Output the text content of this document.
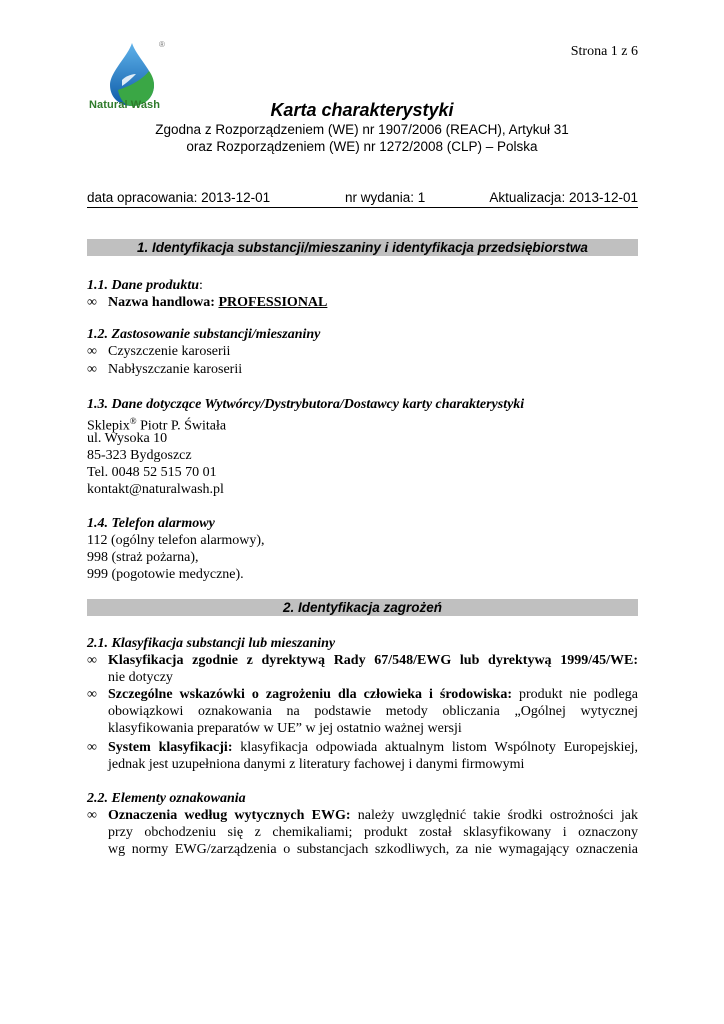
Strona 1 z 6
®
Natural Wash	Karta charakterystyki
Zgodna z Rozporządzeniem (WE) nr 1907/2006 (REACH), Artykuł 31
oraz Rozporządzeniem (WE) nr 1272/2008 (CLP) – Polska
data opracowania: 2013-12-01	nr wydania: 1	Aktualizacja: 2013-12-01
1. Identyfikacja substancji/mieszaniny i identyfikacja przedsiębiorstwa
1.1. Dane produktu:
∞ Nazwa handlowa: PROFESSIONAL
1.2. Zastosowanie substancji/mieszaniny
∞ Czyszczenie karoserii
∞ Nabłyszczanie karoserii
1.3. Dane dotyczące Wytwórcy/Dystrybutora/Dostawcy karty charakterystyki
Sklepix® Piotr P. Świtała
ul. Wysoka 10
85-323 Bydgoszcz
Tel. 0048 52 515 70 01
kontakt@naturalwash.pl
1.4. Telefon alarmowy
112 (ogólny telefon alarmowy),
998 (straż pożarna),
999 (pogotowie medyczne).
2. Identyfikacja zagrożeń
2.1. Klasyfikacja substancji lub mieszaniny
∞ Klasyfikacja zgodnie z dyrektywą Rady 67/548/EWG lub dyrektywą 1999/45/WE:
nie dotyczy
∞ Szczególne wskazówki o zagrożeniu dla człowieka i środowiska: produkt nie podlega
obowiązkowi oznakowania na podstawie metody obliczania „Ogólnej wytycznej
klasyfikowania preparatów w UE” w jej ostatnio ważnej wersji
∞ System klasyfikacji: klasyfikacja odpowiada aktualnym listom Wspólnoty Europejskiej,
jednak jest uzupełniona danymi z literatury fachowej i danymi firmowymi
2.2. Elementy oznakowania
∞ Oznaczenia według wytycznych EWG: należy uwzględnić takie środki ostrożności jak
przy obchodzeniu się z chemikaliami; produkt został sklasyfikowany i oznaczony
wg normy EWG/zarządzenia o substancjach szkodliwych, za nie wymagający oznaczenia
